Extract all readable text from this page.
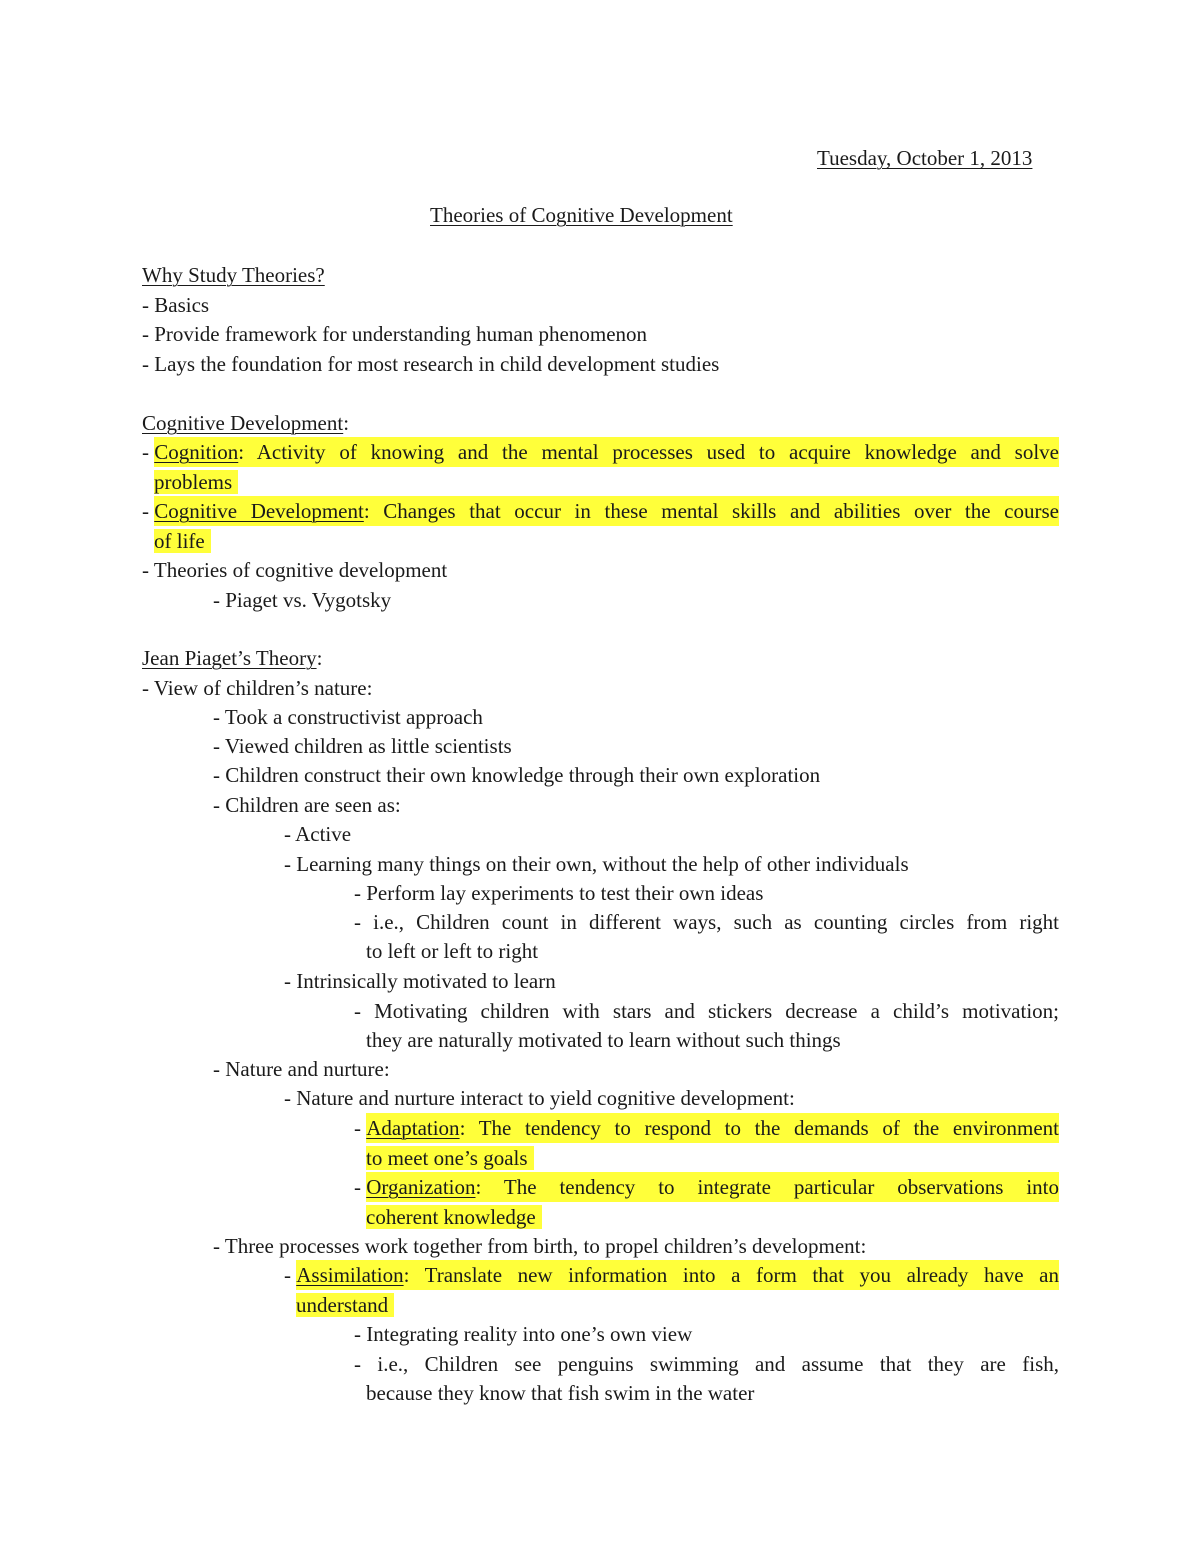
Tuesday, October 1, 2013
Theories of Cognitive Development
Why Study Theories?
- Basics
- Provide framework for understanding human phenomenon
- Lays the foundation for most research in child development studies
Cognitive Development:
- Cognition: Activity of knowing and the mental processes used to acquire knowledge and solve
problems
- Cognitive Development: Changes that occur in these mental skills and abilities over the course
of life
- Theories of cognitive development
- Piaget vs. Vygotsky
Jean Piaget’s Theory:
- View of children’s nature:
- Took a constructivist approach
- Viewed children as little scientists
- Children construct their own knowledge through their own exploration
- Children are seen as:
- Active
- Learning many things on their own, without the help of other individuals
- Perform lay experiments to test their own ideas
- i.e., Children count in different ways, such as counting circles from right
to left or left to right
- Intrinsically motivated to learn
- Motivating children with stars and stickers decrease a child’s motivation;
they are naturally motivated to learn without such things
- Nature and nurture:
- Nature and nurture interact to yield cognitive development:
- Adaptation: The tendency to respond to the demands of the environment
to meet one’s goals
- Organization: The tendency to integrate particular observations into
coherent knowledge
- Three processes work together from birth, to propel children’s development:
- Assimilation: Translate new information into a form that you already have an
understand
- Integrating reality into one’s own view
- i.e., Children see penguins swimming and assume that they are fish,
because they know that fish swim in the water
